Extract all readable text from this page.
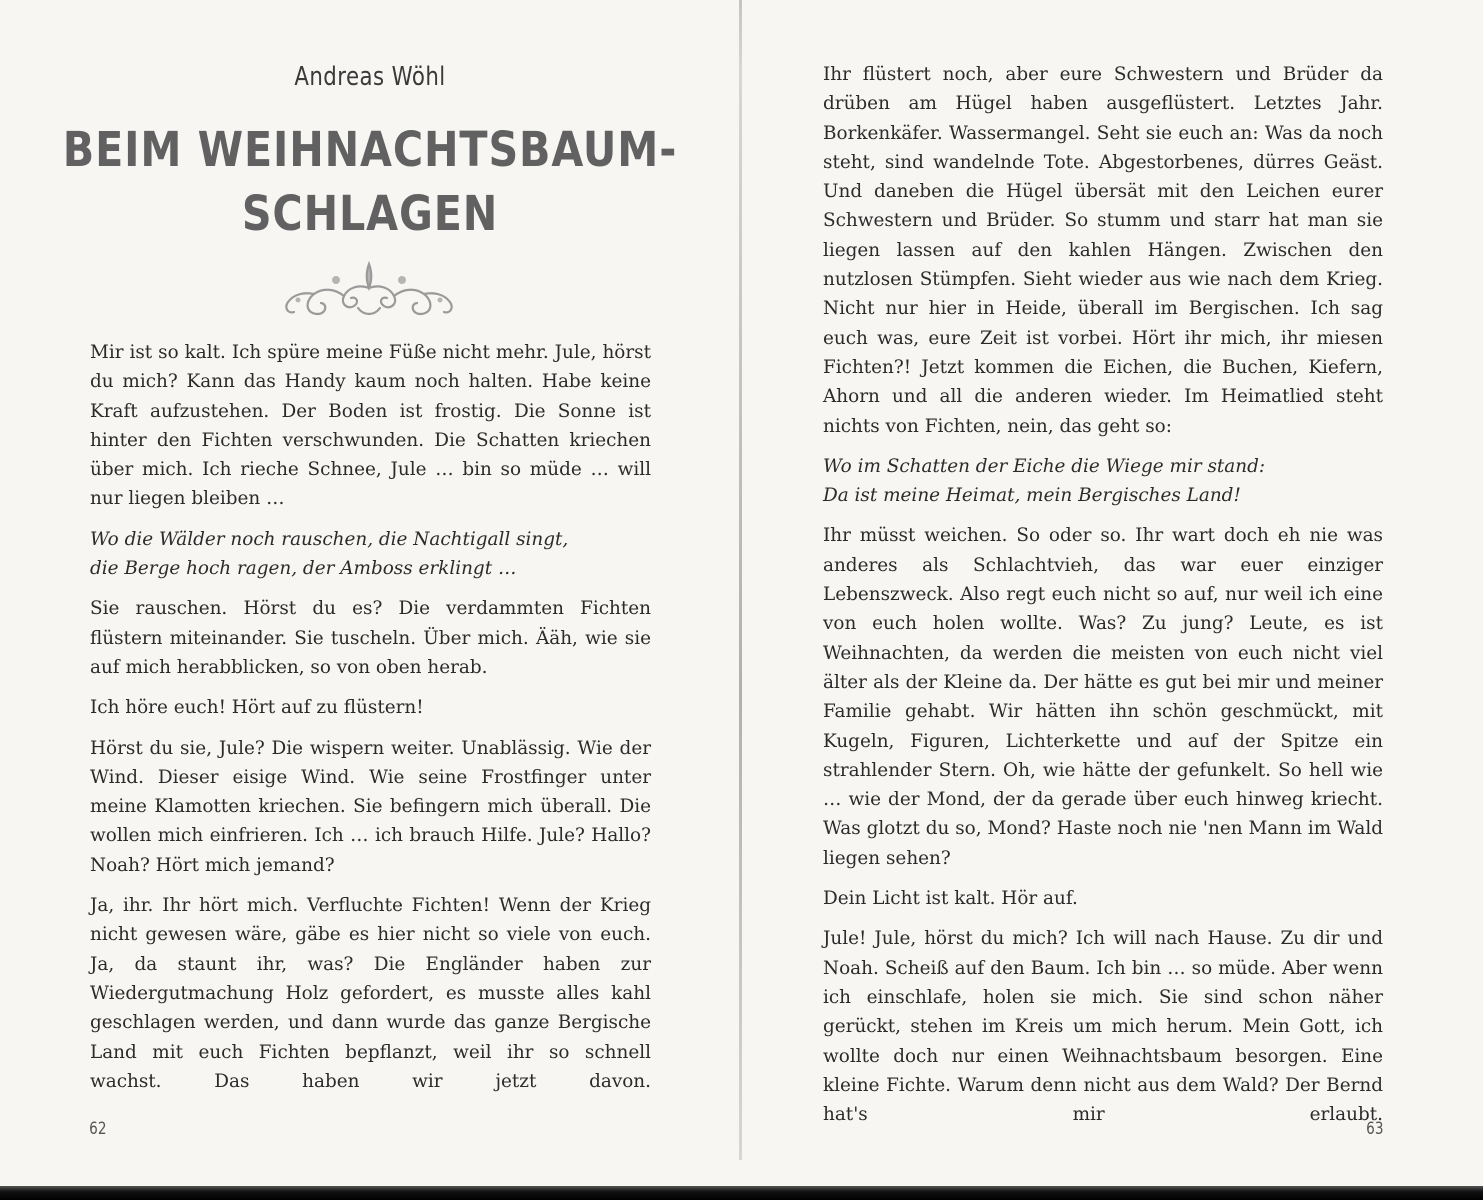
Andreas Wöhl
BEIM WEIHNACHTSBAUM-
SCHLAGEN

Mir ist so kalt. Ich spüre meine Füße nicht mehr. Jule, hörst du mich? Kann das Handy kaum noch halten. Habe keine Kraft aufzustehen. Der Boden ist frostig. Die Sonne ist hinter den Fichten verschwunden. Die Schatten kriechen über mich. Ich rieche Schnee, Jule … bin so müde … will nur liegen bleiben …

Wo die Wälder noch rauschen, die Nachtigall singt,
die Berge hoch ragen, der Amboss erklingt …

Sie rauschen. Hörst du es? Die verdammten Fichten flüstern miteinander. Sie tuscheln. Über mich. Ääh, wie sie auf mich herabblicken, so von oben herab.

Ich höre euch! Hört auf zu flüstern!

Hörst du sie, Jule? Die wispern weiter. Unablässig. Wie der Wind. Dieser eisige Wind. Wie seine Frostfinger unter meine Klamotten kriechen. Sie befingern mich überall. Die wollen mich einfrieren. Ich … ich brauch Hilfe. Jule? Hallo? Noah? Hört mich jemand?

Ja, ihr. Ihr hört mich. Verfluchte Fichten! Wenn der Krieg nicht gewesen wäre, gäbe es hier nicht so viele von euch. Ja, da staunt ihr, was? Die Engländer haben zur Wiedergutmachung Holz gefordert, es musste alles kahl geschlagen werden, und dann wurde das ganze Bergische Land mit euch Fichten bepflanzt, weil ihr so schnell wachst. Das haben wir jetzt davon.

62

Ihr flüstert noch, aber eure Schwestern und Brüder da drüben am Hügel haben ausgeflüstert. Letztes Jahr. Borkenkäfer. Wassermangel. Seht sie euch an: Was da noch steht, sind wandelnde Tote. Abgestorbenes, dürres Geäst. Und daneben die Hügel übersät mit den Leichen eurer Schwestern und Brüder. So stumm und starr hat man sie liegen lassen auf den kahlen Hängen. Zwischen den nutzlosen Stümpfen. Sieht wieder aus wie nach dem Krieg. Nicht nur hier in Heide, überall im Bergischen. Ich sag euch was, eure Zeit ist vorbei. Hört ihr mich, ihr miesen Fichten?! Jetzt kommen die Eichen, die Buchen, Kiefern, Ahorn und all die anderen wieder. Im Heimatlied steht nichts von Fichten, nein, das geht so:

Wo im Schatten der Eiche die Wiege mir stand:
Da ist meine Heimat, mein Bergisches Land!

Ihr müsst weichen. So oder so. Ihr wart doch eh nie was anderes als Schlachtvieh, das war euer einziger Lebenszweck. Also regt euch nicht so auf, nur weil ich eine von euch holen wollte. Was? Zu jung? Leute, es ist Weihnachten, da werden die meisten von euch nicht viel älter als der Kleine da. Der hätte es gut bei mir und meiner Familie gehabt. Wir hätten ihn schön geschmückt, mit Kugeln, Figuren, Lichterkette und auf der Spitze ein strahlender Stern. Oh, wie hätte der gefunkelt. So hell wie … wie der Mond, der da gerade über euch hinweg kriecht. Was glotzt du so, Mond? Haste noch nie 'nen Mann im Wald liegen sehen?

Dein Licht ist kalt. Hör auf.

Jule! Jule, hörst du mich? Ich will nach Hause. Zu dir und Noah. Scheiß auf den Baum. Ich bin … so müde. Aber wenn ich einschlafe, holen sie mich. Sie sind schon näher gerückt, stehen im Kreis um mich herum. Mein Gott, ich wollte doch nur einen Weihnachtsbaum besorgen. Eine kleine Fichte. Warum denn nicht aus dem Wald? Der Bernd hat's mir erlaubt.

63
